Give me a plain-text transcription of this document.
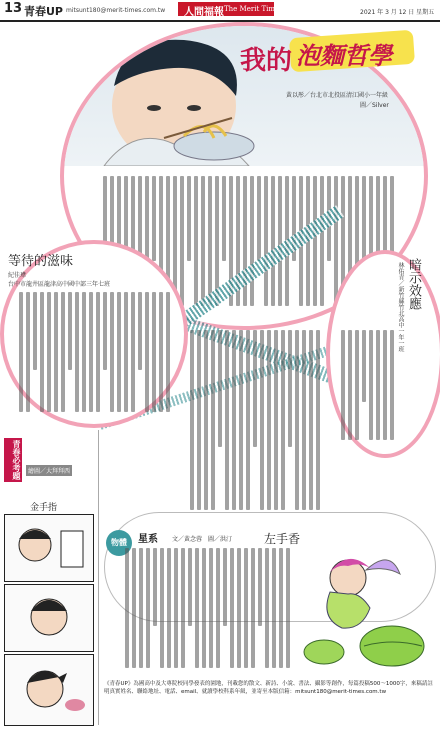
13 青春UP mitsunt180@merit-times.com.tw 人間福報 The Merit Times	2021 年 3 月 12 日 星期五
我的 泡麵哲學
黃以彤／台北市北投區清江國小一年級
圖／Silver
等待的滋味
紀佳瑋
台中市龍井區龍津高中國中部三年七班	暗示效應
林佑青／新竹縣竹北高中一年一班
青春必考題	繪圖／大拜拜西
金手指
物體	星系 文／黃念蓉　圖／洪汀	左手香
《青春UP》為國高中及大專院校同學發表的園地，刊載您的散文、新詩、小說、書法、攝影等創作，每篇投稿500～1000字，來稿請註明真實姓名、聯絡地址、電話、email、就讀學校科系年級，並寄至本版信箱：mitsunt180@merit-times.com.tw
